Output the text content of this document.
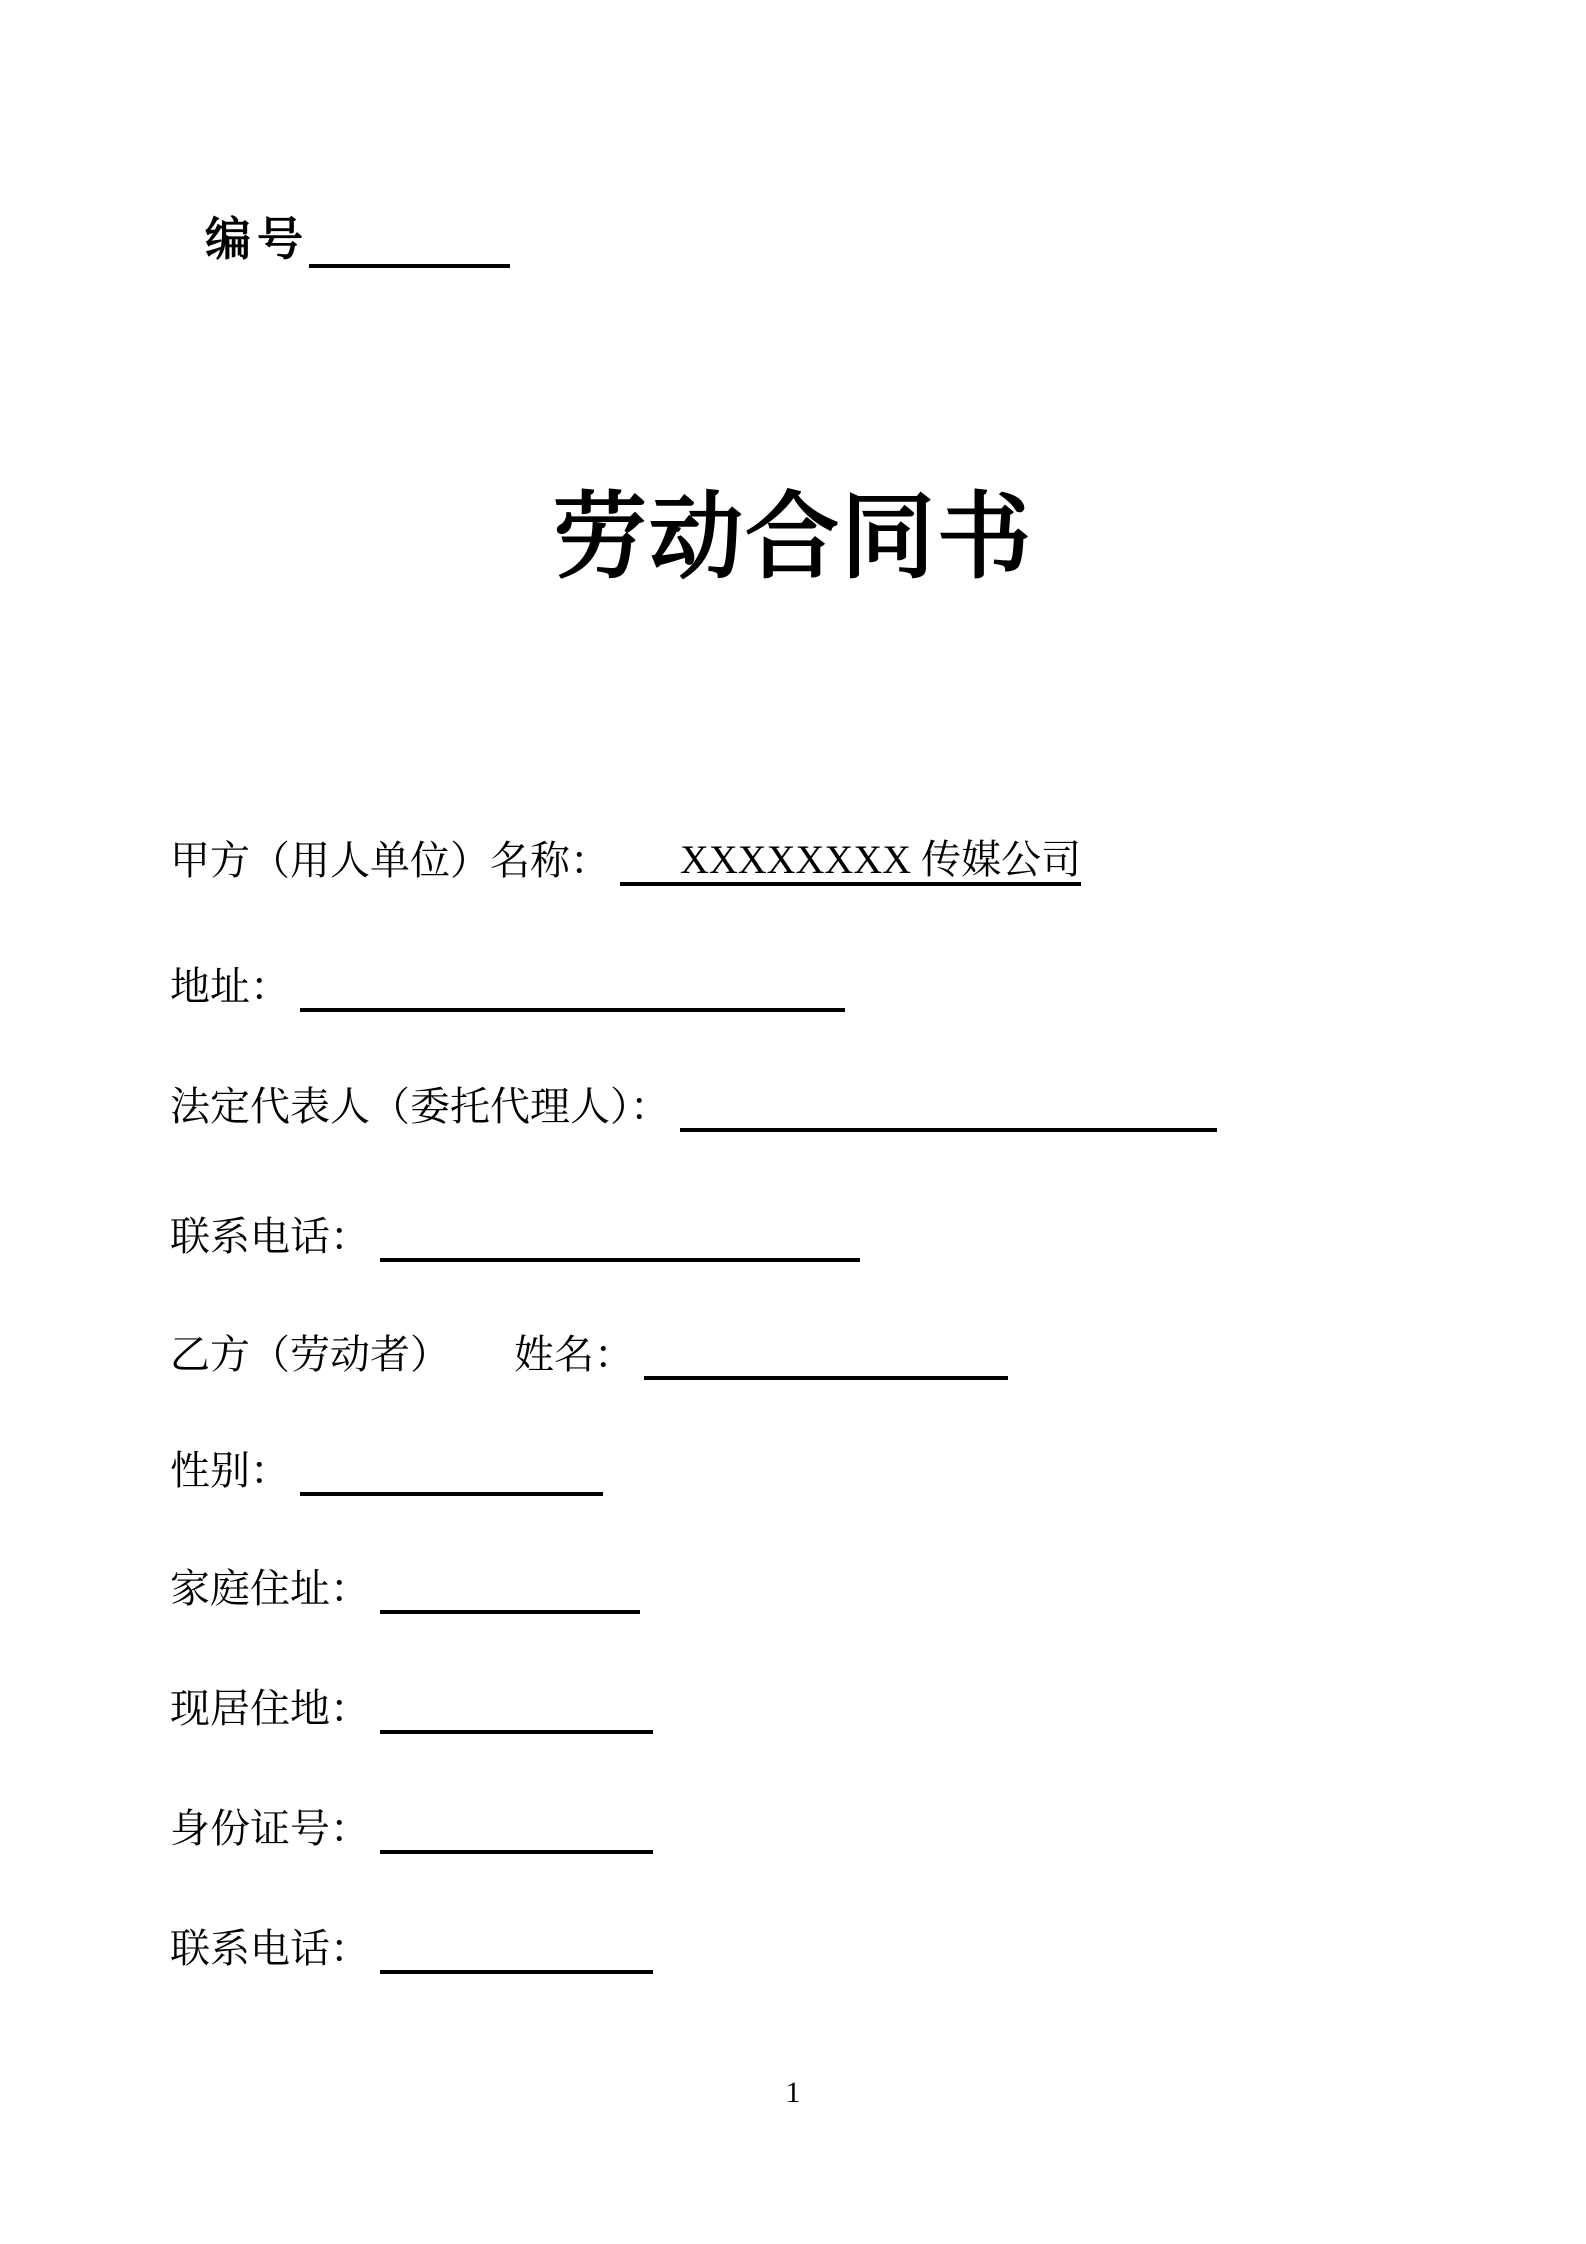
编号
劳动合同书
甲方（用人单位）名称：	XXXXXXXX 传媒公司
地址：
法定代表人（委托代理人）：
联系电话：
乙方（劳动者） 姓名：
性别：
家庭住址：
现居住地：
身份证号：
联系电话：
1
